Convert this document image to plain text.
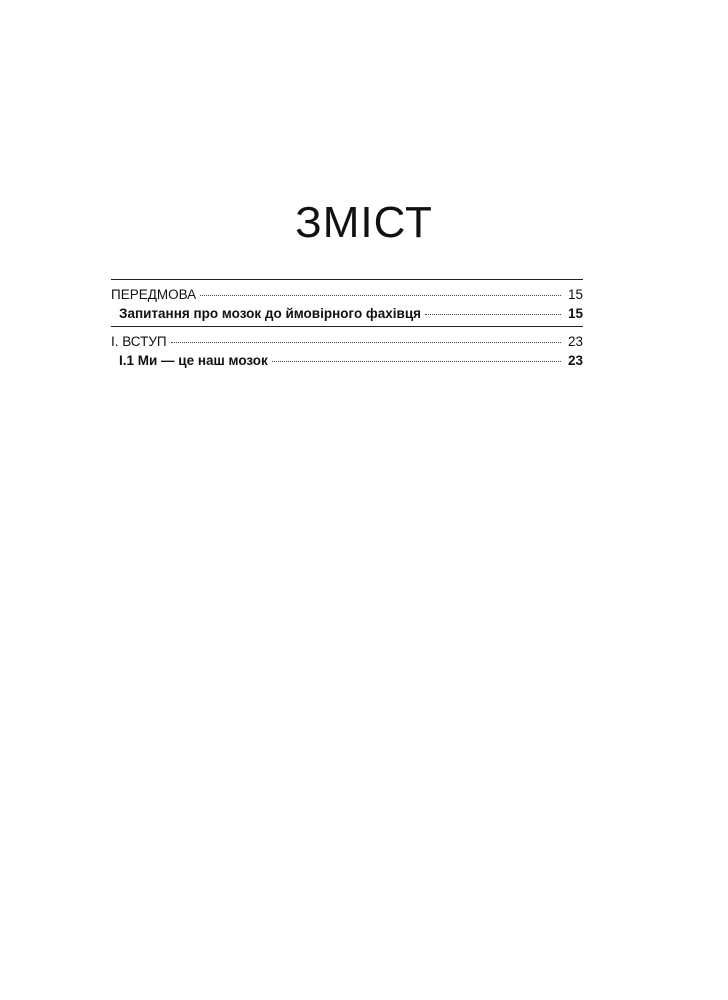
ЗМІСТ
ПЕРЕДМОВА	15
Запитання про мозок до ймовірного фахівця	15
I. ВСТУП	23
I.1 Ми — це наш мозок	23
